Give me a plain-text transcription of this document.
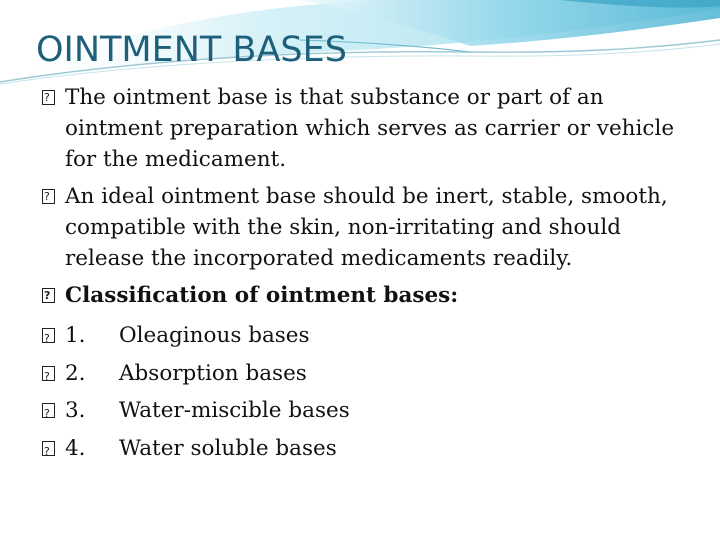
OINTMENT BASES
?
The ointment base is that substance or part of an ointment preparation which serves as carrier or vehicle for the medicament.
?
An ideal ointment base should be inert, stable, smooth, compatible with the skin, non-irritating and should release the incorporated medicaments readily.
?
Classification of ointment bases:
?
1. Oleaginous bases
?
2. Absorption bases
?
3. Water-miscible bases
?
4. Water soluble bases
